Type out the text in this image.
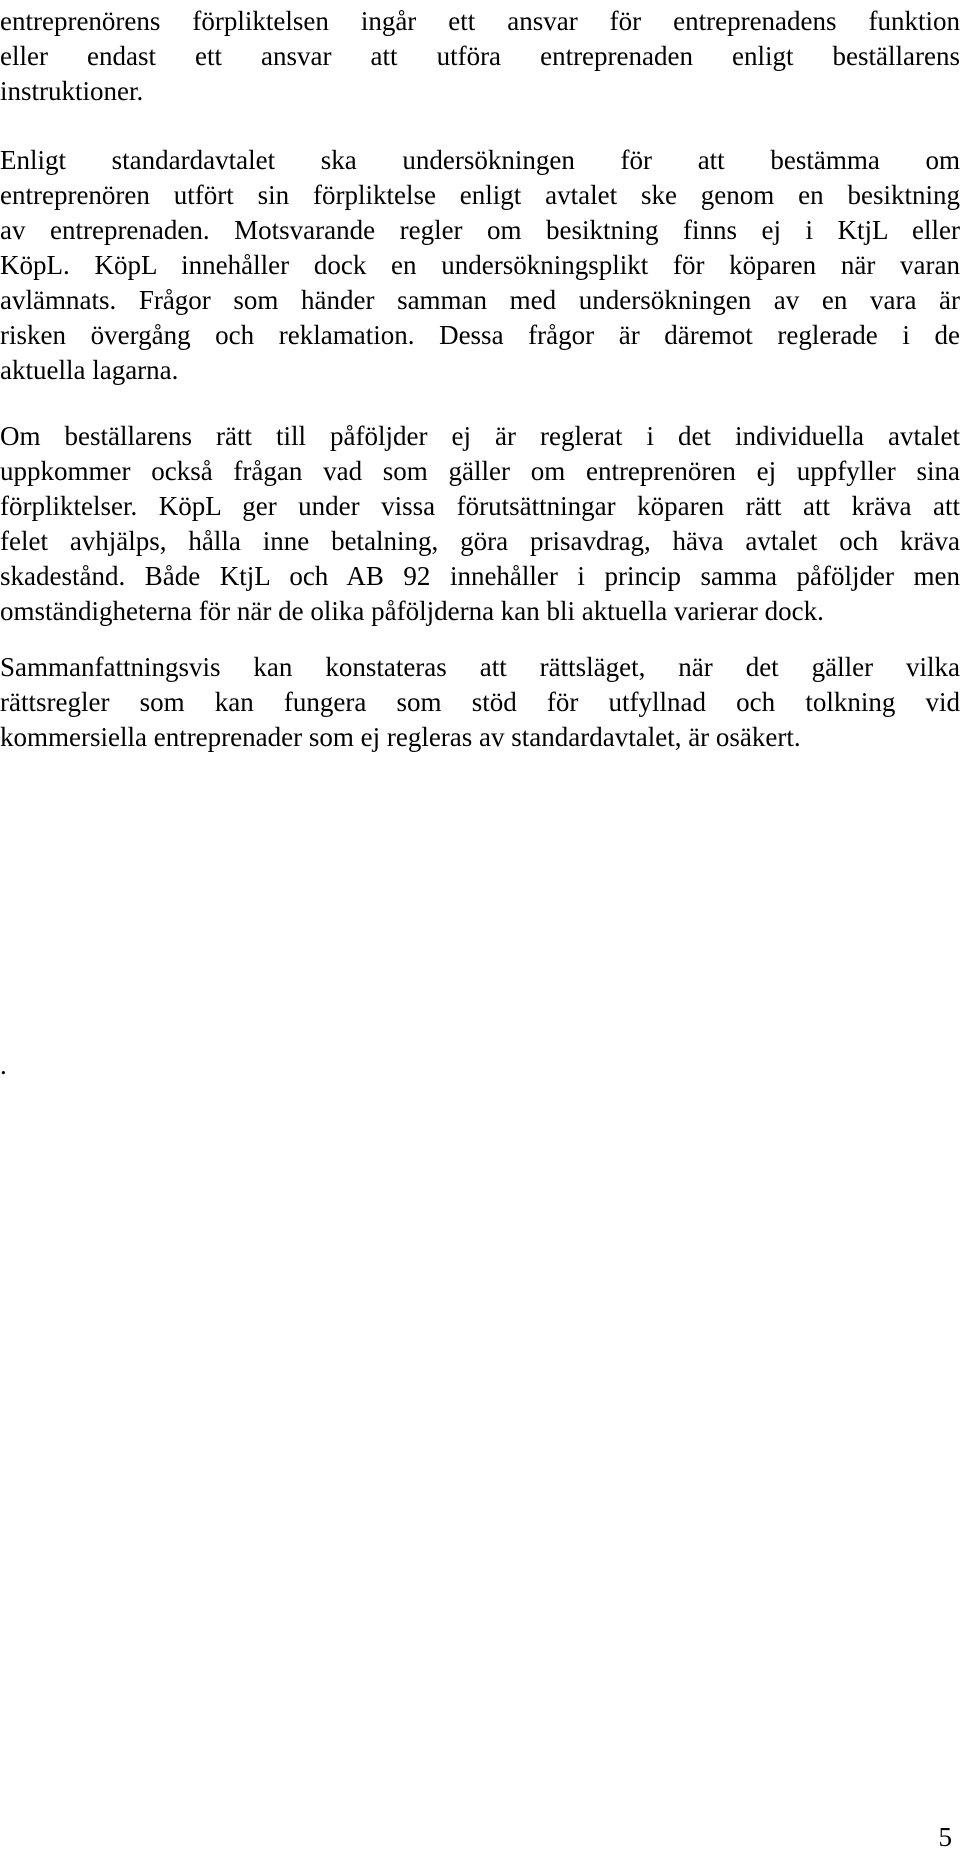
entreprenörens förpliktelsen ingår ett ansvar för entreprenadens funktion
eller endast ett ansvar att utföra entreprenaden enligt beställarens
instruktioner.
Enligt standardavtalet ska undersökningen för att bestämma om
entreprenören utfört sin förpliktelse enligt avtalet ske genom en besiktning
av entreprenaden. Motsvarande regler om besiktning finns ej i KtjL eller
KöpL. KöpL innehåller dock en undersökningsplikt för köparen när varan
avlämnats. Frågor som händer samman med undersökningen av en vara är
risken övergång och reklamation. Dessa frågor är däremot reglerade i de
aktuella lagarna.
Om beställarens rätt till påföljder ej är reglerat i det individuella avtalet
uppkommer också frågan vad som gäller om entreprenören ej uppfyller sina
förpliktelser. KöpL ger under vissa förutsättningar köparen rätt att kräva att
felet avhjälps, hålla inne betalning, göra prisavdrag, häva avtalet och kräva
skadestånd. Både KtjL och AB 92 innehåller i princip samma påföljder men
omständigheterna för när de olika påföljderna kan bli aktuella varierar dock.
Sammanfattningsvis kan konstateras att rättsläget, när det gäller vilka
rättsregler som kan fungera som stöd för utfyllnad och tolkning vid
kommersiella entreprenader som ej regleras av standardavtalet, är osäkert.
.
5
